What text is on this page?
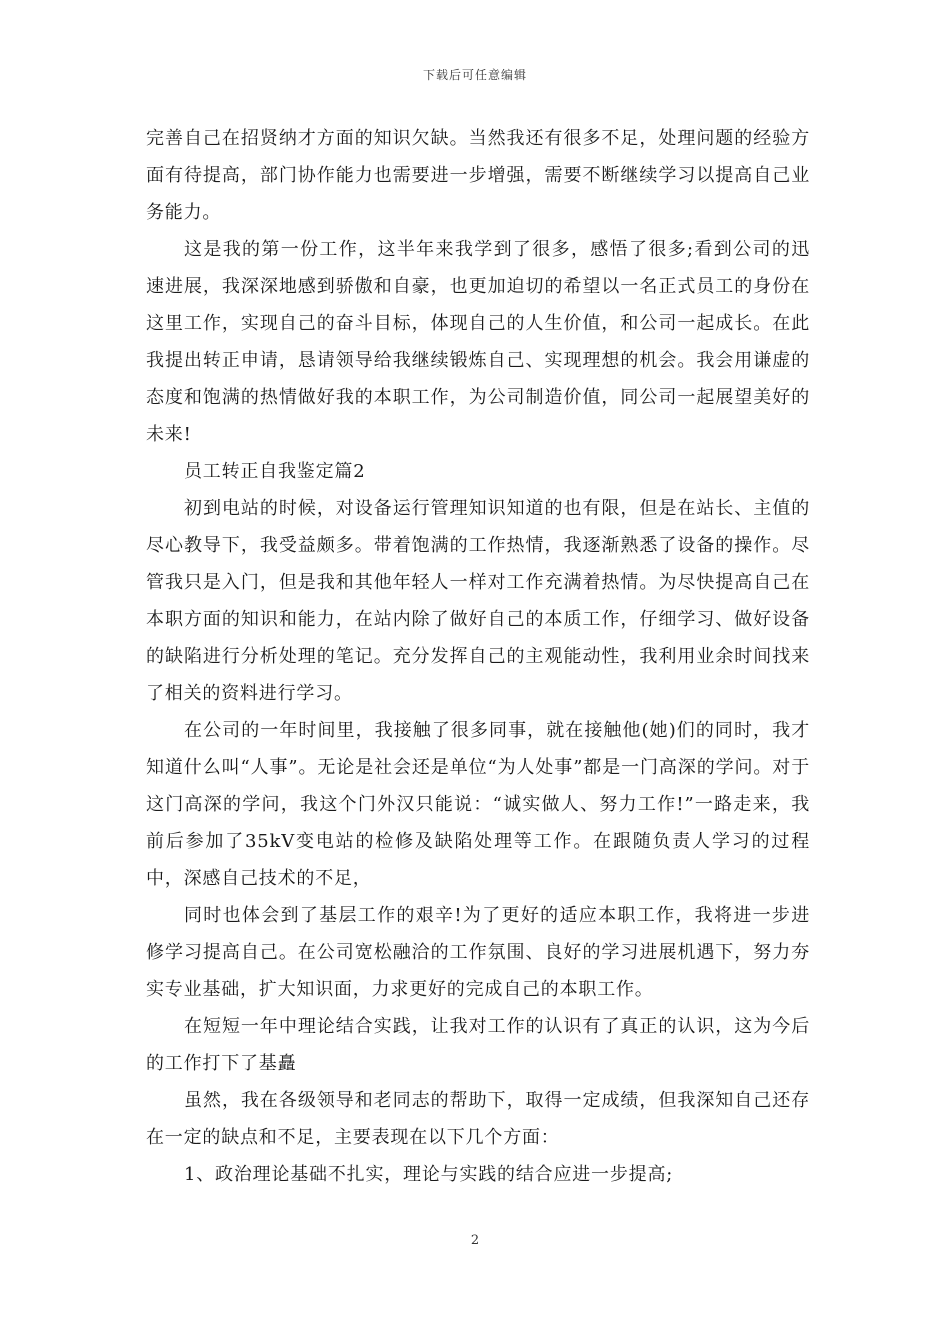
下载后可任意编辑

完善自己在招贤纳才方面的知识欠缺。当然我还有很多不足，处理问题的经验方面有待提高，部门协作能力也需要进一步增强，需要不断继续学习以提高自己业务能力。

这是我的第一份工作，这半年来我学到了很多，感悟了很多;看到公司的迅速进展，我深深地感到骄傲和自豪，也更加迫切的希望以一名正式员工的身份在这里工作，实现自己的奋斗目标，体现自己的人生价值，和公司一起成长。在此我提出转正申请，恳请领导给我继续锻炼自己、实现理想的机会。我会用谦虚的态度和饱满的热情做好我的本职工作，为公司制造价值，同公司一起展望美好的未来!

员工转正自我鉴定篇2

初到电站的时候，对设备运行管理知识知道的也有限，但是在站长、主值的尽心教导下，我受益颇多。带着饱满的工作热情，我逐渐熟悉了设备的操作。尽管我只是入门，但是我和其他年轻人一样对工作充满着热情。为尽快提高自己在本职方面的知识和能力，在站内除了做好自己的本质工作，仔细学习、做好设备的缺陷进行分析处理的笔记。充分发挥自己的主观能动性，我利用业余时间找来了相关的资料进行学习。

在公司的一年时间里，我接触了很多同事，就在接触他(她)们的同时，我才知道什么叫“人事”。无论是社会还是单位“为人处事”都是一门高深的学问。对于这门高深的学问，我这个门外汉只能说：“诚实做人、努力工作!”一路走来，我前后参加了35kV变电站的检修及缺陷处理等工作。在跟随负责人学习的过程中，深感自己技术的不足，

同时也体会到了基层工作的艰辛!为了更好的适应本职工作，我将进一步进修学习提高自己。在公司宽松融洽的工作氛围、良好的学习进展机遇下，努力夯实专业基础，扩大知识面，力求更好的完成自己的本职工作。

在短短一年中理论结合实践，让我对工作的认识有了真正的认识，这为今后的工作打下了基矗

虽然，我在各级领导和老同志的帮助下，取得一定成绩，但我深知自己还存在一定的缺点和不足，主要表现在以下几个方面：

1、政治理论基础不扎实，理论与实践的结合应进一步提高;

2
